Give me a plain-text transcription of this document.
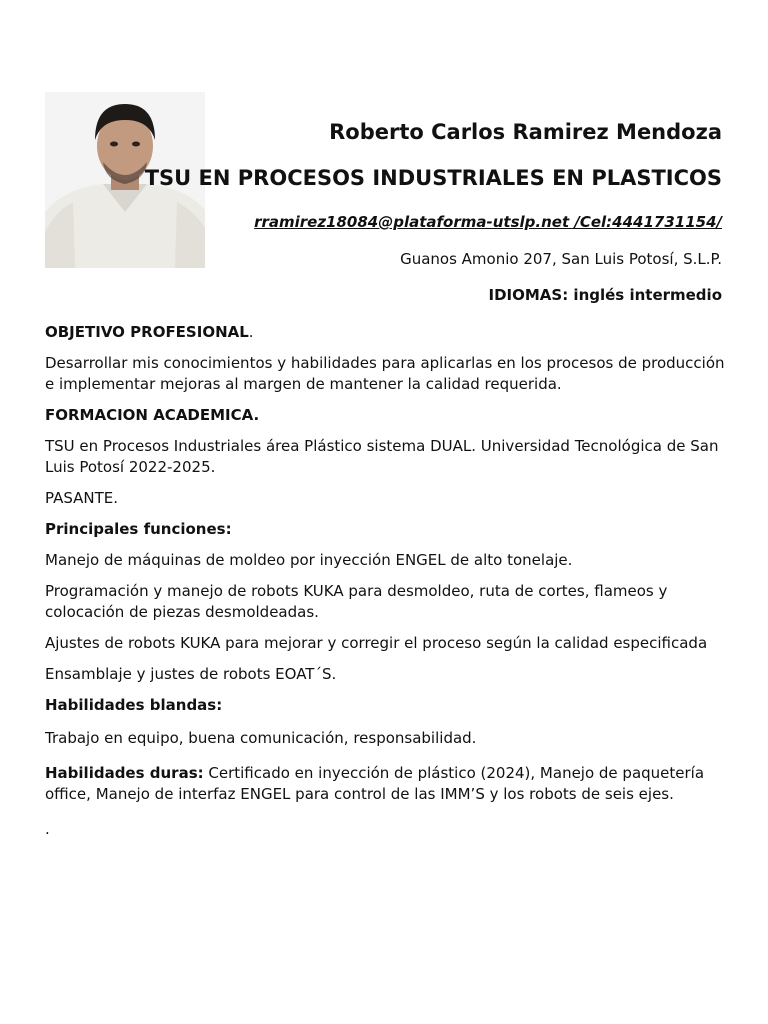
Roberto Carlos Ramirez Mendoza
TSU EN PROCESOS INDUSTRIALES EN PLASTICOS
rramirez18084@plataforma-utslp.net /Cel:4441731154/
Guanos Amonio 207, San Luis Potosí, S.L.P.
IDIOMAS: inglés intermedio

OBJETIVO PROFESIONAL.

Desarrollar mis conocimientos y habilidades para aplicarlas en los procesos de producción e implementar mejoras al margen de mantener la calidad requerida.

FORMACION ACADEMICA.

TSU en Procesos Industriales área Plástico sistema DUAL. Universidad Tecnológica de San Luis Potosí 2022-2025.

PASANTE.

Principales funciones:

Manejo de máquinas de moldeo por inyección ENGEL de alto tonelaje.

Programación y manejo de robots KUKA para desmoldeo, ruta de cortes, flameos y colocación de piezas desmoldeadas.

Ajustes de robots KUKA para mejorar y corregir el proceso según la calidad especificada

Ensamblaje y justes de robots EOAT´S.

Habilidades blandas:

Trabajo en equipo, buena comunicación, responsabilidad.

Habilidades duras: Certificado en inyección de plástico (2024), Manejo de paquetería office, Manejo de interfaz ENGEL para control de las IMM’S y los robots de seis ejes.

.
